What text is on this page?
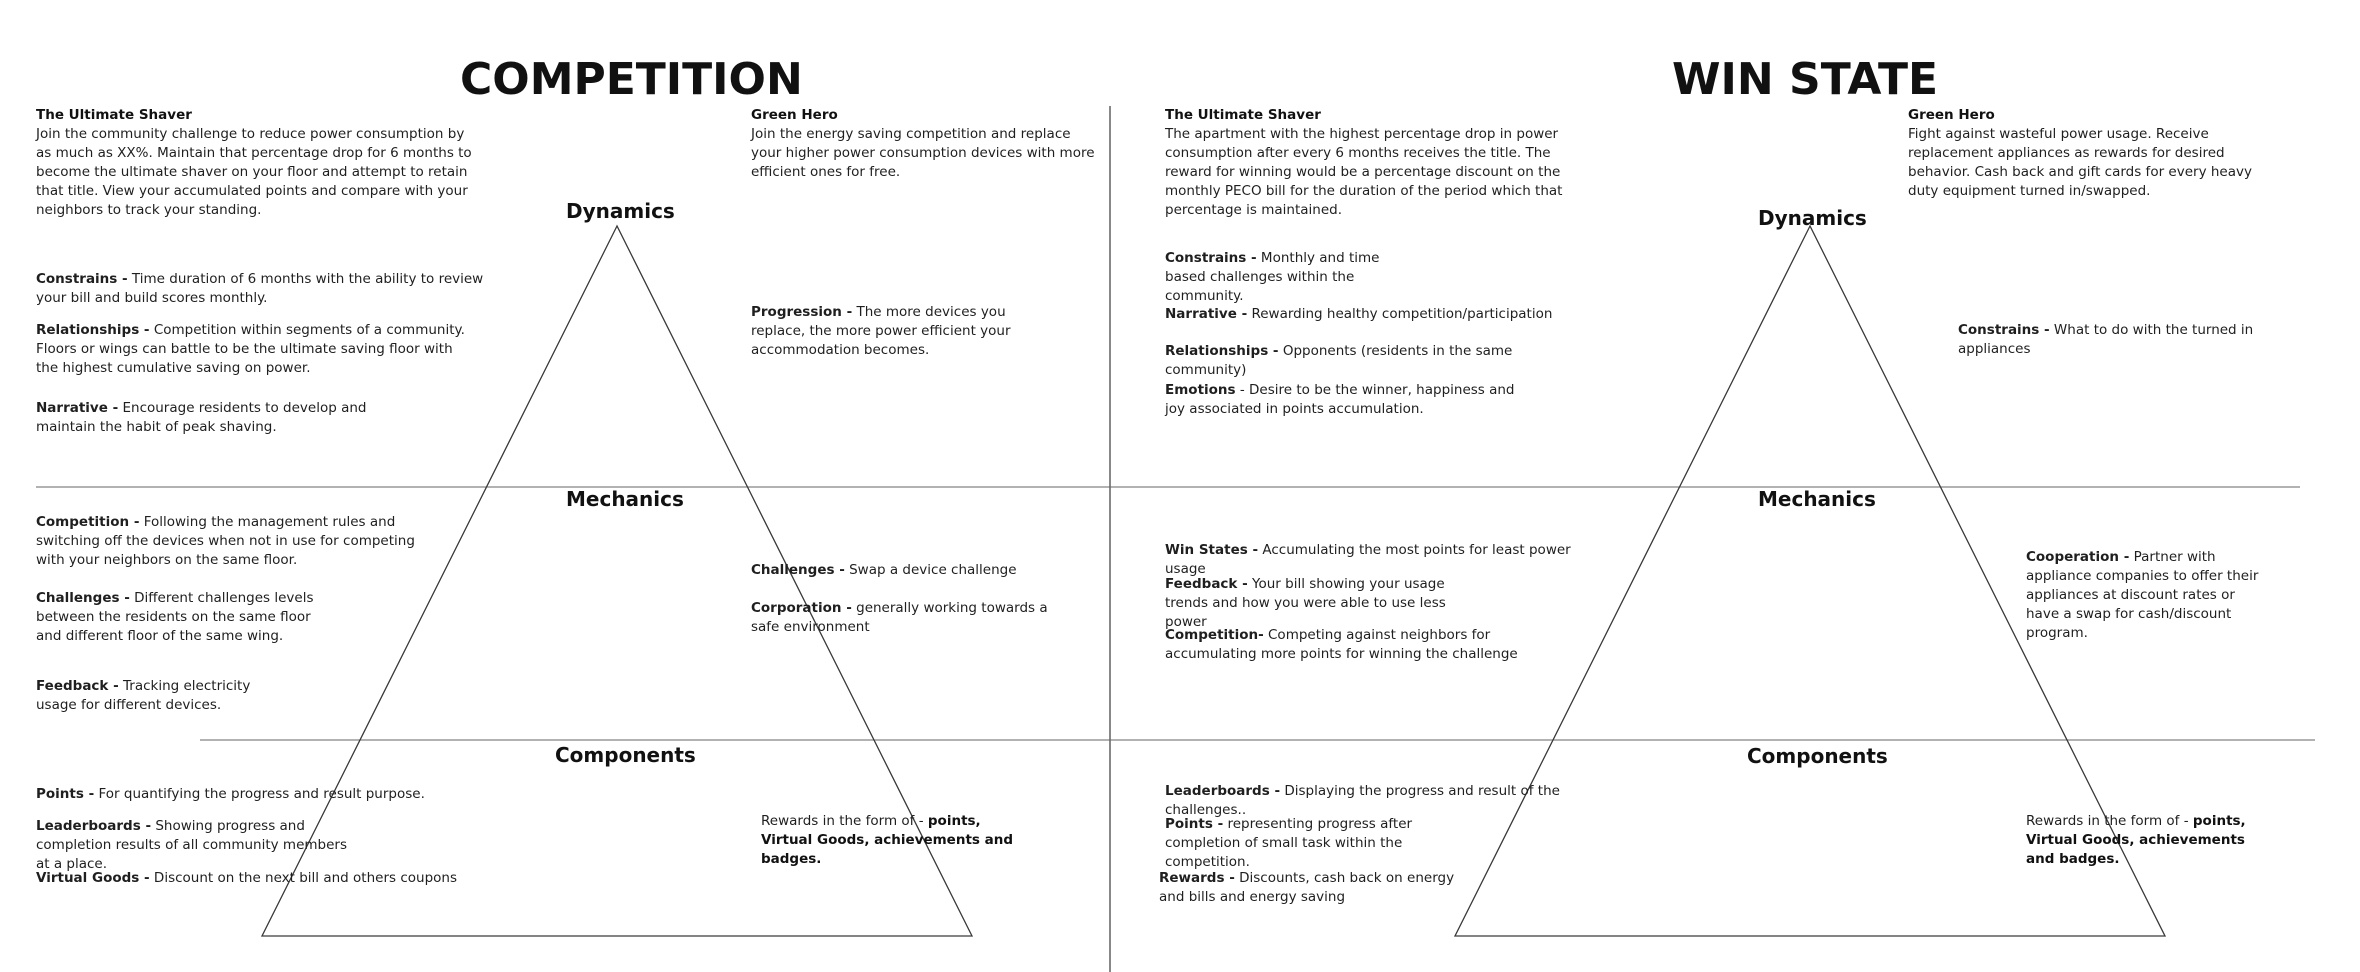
COMPETITION	WIN STATE
Dynamics
Mechanics
Components
Dynamics
Mechanics
Components
The Ultimate Shaver
Join the community challenge to reduce power consumption by as much as XX%. Maintain that percentage drop for 6 months to become the ultimate shaver on your floor and attempt to retain that title. View your accumulated points and compare with your neighbors to track your standing.
Green Hero
Join the energy saving competition and replace your higher power consumption devices with more efficient ones for free.
Constrains - Time duration of 6 months with the ability to review your bill and build scores monthly.
Relationships - Competition within segments of a community. Floors or wings can battle to be the ultimate saving floor with the highest cumulative saving on power.
Narrative - Encourage residents to develop and maintain the habit of peak shaving.
Progression - The more devices you replace, the more power efficient your accommodation becomes.
Competition - Following the management rules and switching off the devices when not in use for competing with your neighbors on the same floor.
Challenges - Different challenges levels between the residents on the same floor and different floor of the same wing.
Feedback - Tracking electricity usage for different devices.
Challenges - Swap a device challenge
Corporation - generally working towards a safe environment
Points - For quantifying the progress and result purpose.
Leaderboards - Showing progress and completion results of all community members at a place.
Virtual Goods - Discount on the next bill and others coupons
Rewards in the form of - points, Virtual Goods, achievements and badges.
The Ultimate Shaver
The apartment with the highest percentage drop in power consumption after every 6 months receives the title. The reward for winning would be a percentage discount on the monthly PECO bill for the duration of the period which that percentage is maintained.
Green Hero
Fight against wasteful power usage. Receive replacement appliances as rewards for desired behavior. Cash back and gift cards for every heavy duty equipment turned in/swapped.
Constrains - Monthly and time based challenges within the community.
Narrative - Rewarding healthy competition/participation
Relationships - Opponents (residents in the same community)
Emotions - Desire to be the winner, happiness and joy associated in points accumulation.
Constrains - What to do with the turned in appliances
Win States - Accumulating the most points for least power usage
Feedback - Your bill showing your usage trends and how you were able to use less power
Competition- Competing against neighbors for accumulating more points for winning the challenge
Cooperation - Partner with appliance companies to offer their appliances at discount rates or have a swap for cash/discount program.
Leaderboards - Displaying the progress and result of the challenges..
Points - representing progress after completion of small task within the competition.
Rewards - Discounts, cash back on energy and bills and energy saving
Rewards in the form of - points, Virtual Goods, achievements and badges.
